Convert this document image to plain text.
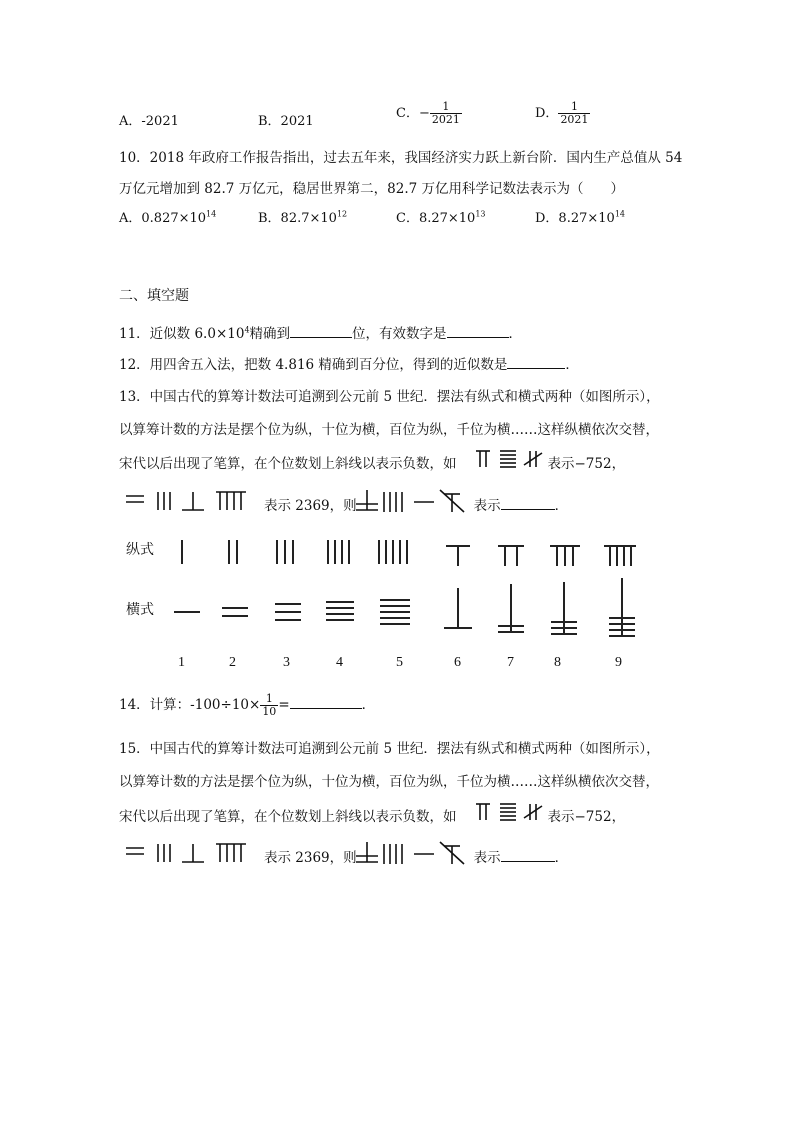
A．-2021	B．2021
C．− $\frac{1}{2021}$	D． $\frac{1}{2021}$
10．2018 年政府工作报告指出，过去五年来，我国经济实力跃上新台阶．国内生产总值从 54
万亿元增加到 82.7 万亿元，稳居世界第二，82.7 万亿用科学记数法表示为（　　）
A．$0.827\times 10^{14}$	B．$82.7\times 10^{12}$	C．$8.27\times 10^{13}$	D．$8.27\times 10^{14}$
二、填空题
11．近似数 $6.0\times 10^4$精确到	位，有效数字是	．
12．用四舍五入法，把数 4.816 精确到百分位，得到的近似数是	．
13．中国古代的算筹计数法可追溯到公元前 5 世纪．摆法有纵式和横式两种（如图所示），
以算筹计数的方法是摆个位为纵，十位为横，百位为纵，千位为横……这样纵横依次交替，
宋代以后出现了笔算，在个位数划上斜线以表示负数，如	表示−752，
表示 2369，则	表示	．
纵式
横式
1	2	3	4	5	6	7	8	9
14．计算：$-100\div 10\times \frac{1}{10}$ =	．
15．中国古代的算筹计数法可追溯到公元前 5 世纪．摆法有纵式和横式两种（如图所示），
以算筹计数的方法是摆个位为纵，十位为横，百位为纵，千位为横……这样纵横依次交替，
宋代以后出现了笔算，在个位数划上斜线以表示负数，如	表示−752，
表示 2369，则	表示	．
